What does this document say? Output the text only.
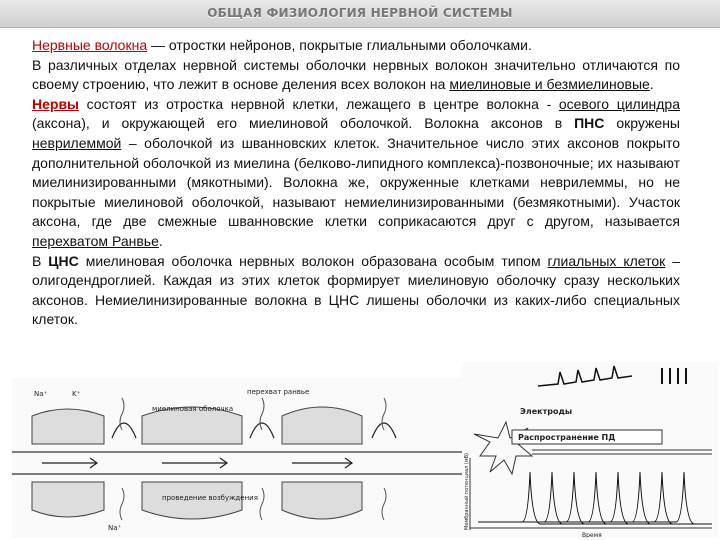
ОБЩАЯ ФИЗИОЛОГИЯ НЕРВНОЙ СИСТЕМЫ

Нервные волокна — отростки нейронов, покрытые глиальными оболочками.

В различных отделах нервной системы оболочки нервных волокон значительно отличаются по своему строению, что лежит в основе деления всех волокон на миелиновые и безмиелиновые.

Нервы состоят из отростка нервной клетки, лежащего в центре волокна - осевого цилиндра (аксона), и окружающей его миелиновой оболочкой. Волокна аксонов в ПНС окружены неврилеммой – оболочкой из шванновских клеток. Значительное число этих аксонов покрыто дополнительной оболочкой из миелина (белково-липидного комплекса)-позвоночные; их называют миелинизированными (мякотными). Волокна же, окруженные клетками неврилеммы, но не покрытые миелиновой оболочкой, называют немиелинизированными (безмякотными). Участок аксона, где две смежные шванновские клетки соприкасаются друг с другом, называется перехватом Ранвье.

В ЦНС миелиновая оболочка нервных волокон образована особым типом глиальных клеток – олигодендроглией. Каждая из этих клеток формирует миелиновую оболочку сразу нескольких аксонов. Немиелинизированные волокна в ЦНС лишены оболочки из каких-либо специальных клеток.

перехват ранвье
миелиновая оболочка
проведение возбуждения
Na⁺
Na⁺
K⁺
Электроды
Распространение ПД
Мембранный потенциал (мВ)
Время
